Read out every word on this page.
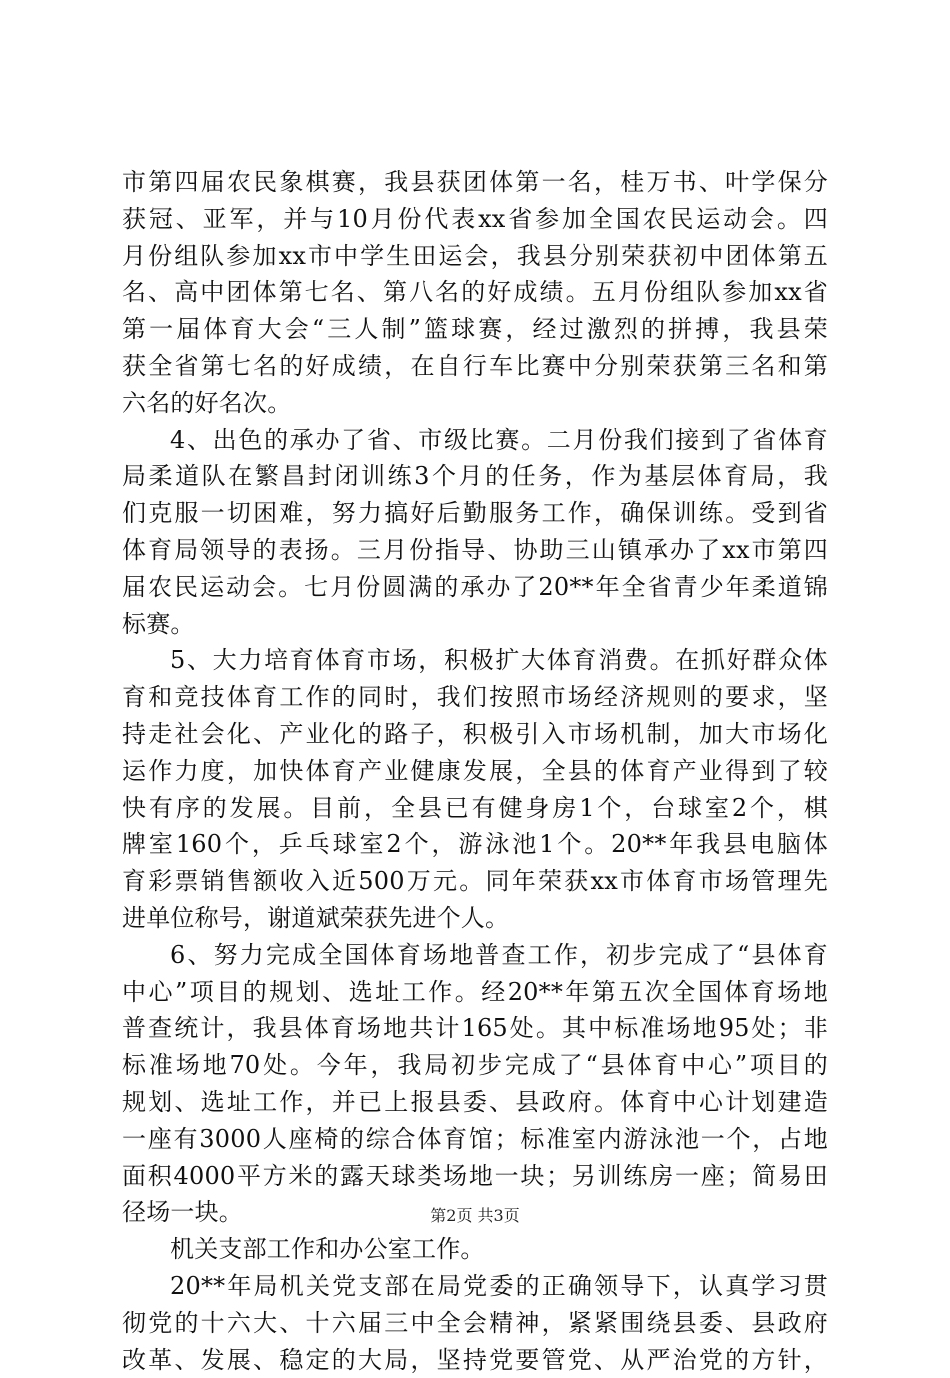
市第四届农民象棋赛，我县获团体第一名，桂万书、叶学保分
获冠、亚军，并与10月份代表xx省参加全国农民运动会。四
月份组队参加xx市中学生田运会，我县分别荣获初中团体第五
名、高中团体第七名、第八名的好成绩。五月份组队参加xx省
第一届体育大会“三人制”篮球赛，经过激烈的拼搏，我县荣
获全省第七名的好成绩，在自行车比赛中分别荣获第三名和第
六名的好名次。
4、出色的承办了省、市级比赛。二月份我们接到了省体育
局柔道队在繁昌封闭训练3个月的任务，作为基层体育局，我
们克服一切困难，努力搞好后勤服务工作，确保训练。受到省
体育局领导的表扬。三月份指导、协助三山镇承办了xx市第四
届农民运动会。七月份圆满的承办了20**年全省青少年柔道锦
标赛。
5、大力培育体育市场，积极扩大体育消费。在抓好群众体
育和竞技体育工作的同时，我们按照市场经济规则的要求，坚
持走社会化、产业化的路子，积极引入市场机制，加大市场化
运作力度，加快体育产业健康发展，全县的体育产业得到了较
快有序的发展。目前，全县已有健身房1个，台球室2个，棋
牌室160个，乒乓球室2个，游泳池1个。20**年我县电脑体
育彩票销售额收入近500万元。同年荣获xx市体育市场管理先
进单位称号，谢道斌荣获先进个人。
6、努力完成全国体育场地普查工作，初步完成了“县体育
中心”项目的规划、选址工作。经20**年第五次全国体育场地
普查统计，我县体育场地共计165处。其中标准场地95处；非
标准场地70处。今年，我局初步完成了“县体育中心”项目的
规划、选址工作，并已上报县委、县政府。体育中心计划建造
一座有3000人座椅的综合体育馆；标准室内游泳池一个，占地
面积4000平方米的露天球类场地一块；另训练房一座；简易田
径场一块。
机关支部工作和办公室工作。
20**年局机关党支部在局党委的正确领导下，认真学习贯
彻党的十六大、十六届三中全会精神，紧紧围绕县委、县政府
改革、发展、稳定的大局，坚持党要管党、从严治党的方针，
第2页 共3页
